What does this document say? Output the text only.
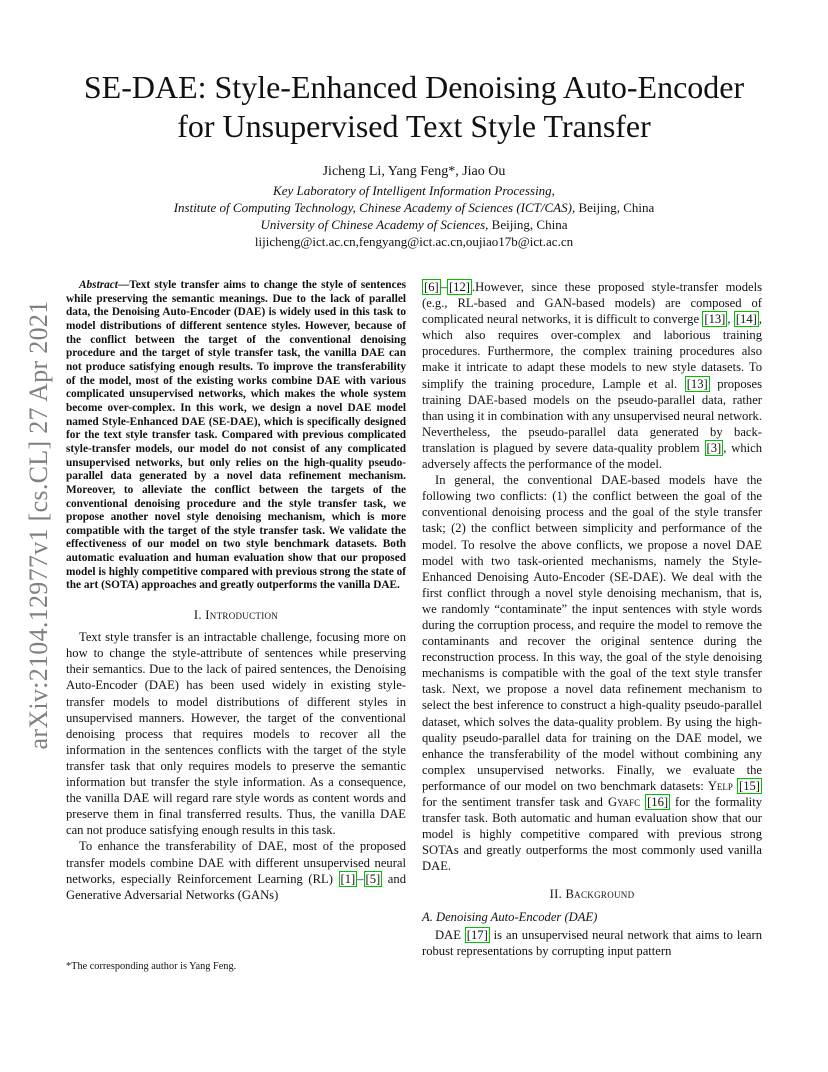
arXiv:2104.12977v1 [cs.CL] 27 Apr 2021
SE-DAE: Style-Enhanced Denoising Auto-Encoder
for Unsupervised Text Style Transfer
Jicheng Li, Yang Feng*, Jiao Ou
Key Laboratory of Intelligent Information Processing,
Institute of Computing Technology, Chinese Academy of Sciences (ICT/CAS), Beijing, China
University of Chinese Academy of Sciences, Beijing, China
lijicheng@ict.ac.cn,fengyang@ict.ac.cn,oujiao17b@ict.ac.cn
Abstract—Text style transfer aims to change the style of sentences while preserving the semantic meanings. Due to the lack of parallel data, the Denoising Auto-Encoder (DAE) is widely used in this task to model distributions of different sentence styles. However, because of the conflict between the target of the conventional denoising procedure and the target of style transfer task, the vanilla DAE can not produce satisfying enough results. To improve the transferability of the model, most of the existing works combine DAE with various complicated unsupervised networks, which makes the whole system become over-complex. In this work, we design a novel DAE model named Style-Enhanced DAE (SE-DAE), which is specifically designed for the text style transfer task. Compared with previous complicated style-transfer models, our model do not consist of any complicated unsupervised networks, but only relies on the high-quality pseudo-parallel data generated by a novel data refinement mechanism. Moreover, to alleviate the conflict between the targets of the conventional denoising procedure and the style transfer task, we propose another novel style denoising mechanism, which is more compatible with the target of the style transfer task. We validate the effectiveness of our model on two style benchmark datasets. Both automatic evaluation and human evaluation show that our proposed model is highly competitive compared with previous strong the state of the art (SOTA) approaches and greatly outperforms the vanilla DAE.
I. Introduction

Text style transfer is an intractable challenge, focusing more on how to change the style-attribute of sentences while preserving their semantics. Due to the lack of paired sentences, the Denoising Auto-Encoder (DAE) has been used widely in existing style-transfer models to model distributions of different styles in unsupervised manners. However, the target of the conventional denoising process that requires models to recover all the information in the sentences conflicts with the target of the style transfer task that only requires models to preserve the semantic information but transfer the style information. As a consequence, the vanilla DAE will regard rare style words as content words and preserve them in final transferred results. Thus, the vanilla DAE can not produce satisfying enough results in this task.

To enhance the transferability of DAE, most of the proposed transfer models combine DAE with different unsupervised neural networks, especially Reinforcement Learning (RL) [1] – [5] and Generative Adversarial Networks (GANs)

*The corresponding author is Yang Feng.

[6] – [12] .However, since these proposed style-transfer models (e.g., RL-based and GAN-based models) are composed of complicated neural networks, it is difficult to converge [13] , [14] , which also requires over-complex and laborious training procedures. Furthermore, the complex training procedures also make it intricate to adapt these models to new style datasets. To simplify the training procedure, Lample et al. [13] proposes training DAE-based models on the pseudo-parallel data, rather than using it in combination with any unsupervised neural network. Nevertheless, the pseudo-parallel data generated by back-translation is plagued by severe data-quality problem [3] , which adversely affects the performance of the model.

In general, the conventional DAE-based models have the following two conflicts: (1) the conflict between the goal of the conventional denoising process and the goal of the style transfer task; (2) the conflict between simplicity and performance of the model. To resolve the above conflicts, we propose a novel DAE model with two task-oriented mechanisms, namely the Style-Enhanced Denoising Auto-Encoder (SE-DAE). We deal with the first conflict through a novel style denoising mechanism, that is, we randomly “contaminate” the input sentences with style words during the corruption process, and require the model to remove the contaminants and recover the original sentence during the reconstruction process. In this way, the goal of the style denoising mechanisms is compatible with the goal of the text style transfer task. Next, we propose a novel data refinement mechanism to select the best inference to construct a high-quality pseudo-parallel dataset, which solves the data-quality problem. By using the high-quality pseudo-parallel data for training on the DAE model, we enhance the transferability of the model without combining any complex unsupervised networks. Finally, we evaluate the performance of our model on two benchmark datasets: Yelp [15] for the sentiment transfer task and Gyafc [16] for the formality transfer task. Both automatic and human evaluation show that our model is highly competitive compared with previous strong SOTAs and greatly outperforms the most commonly used vanilla DAE.

II. Background
A. Denoising Auto-Encoder (DAE)

DAE [17] is an unsupervised neural network that aims to learn robust representations by corrupting input pattern
